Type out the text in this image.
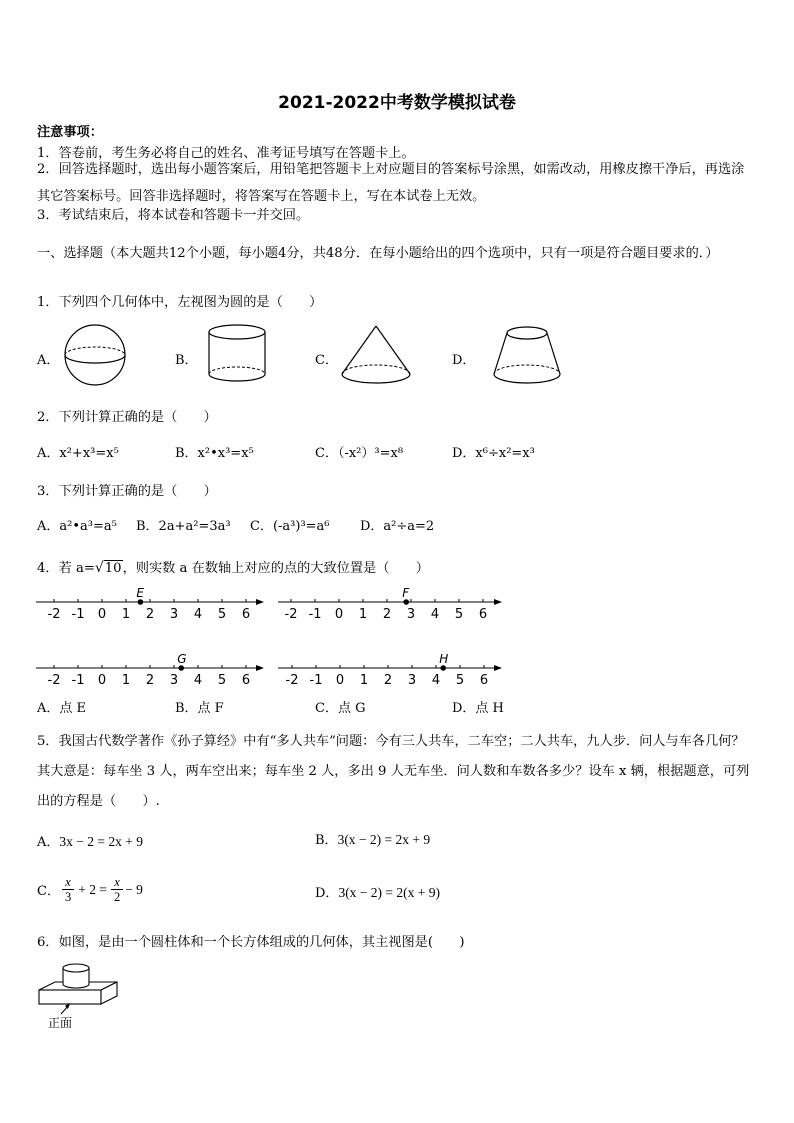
2021-2022中考数学模拟试卷
注意事项：
1．答卷前，考生务必将自己的姓名、准考证号填写在答题卡上。
2．回答选择题时，选出每小题答案后，用铅笔把答题卡上对应题目的答案标号涂黑，如需改动，用橡皮擦干净后，再选涂其它答案标号。回答非选择题时，将答案写在答题卡上，写在本试卷上无效。
3．考试结束后，将本试卷和答题卡一并交回。
一、选择题（本大题共12个小题，每小题4分，共48分．在每小题给出的四个选项中，只有一项是符合题目要求的．）
1．下列四个几何体中，左视图为圆的是（　　）
A．	B．	C．	D．
2．下列计算正确的是（　　）
A．x²+x³=x⁵	B．x²•x³=x⁵	C．（-x²）³=x⁸	D．x⁶÷x²=x³
3．下列计算正确的是（　　）
A．a²•a³=a⁵ B．2a+a²=3a³ C．(-a³)³=a⁶ D．a²÷a=2
4．若 a=√10，则实数 a 在数轴上对应的点的大致位置是（　　）
-2 -1 0 1 2 3 4 5 6
E
-2 -1 0 1 2 3 4 5 6
F
-2 -1 0 1 2 3 4 5 6
G
-2 -1 0 1 2 3 4 5 6
H
A．点 E	B．点 F	C．点 G	D．点 H
5．我国古代数学著作《孙子算经》中有“多人共车”问题：今有三人共车，二车空；二人共车，九人步．问人与车各几何？其大意是：每车坐 3 人，两车空出来；每车坐 2 人，多出 9 人无车坐．问人数和车数各多少？设车 x 辆，根据题意，可列出的方程是（　　）.
A．3x − 2 = 2x + 9	B．3(x − 2) = 2x + 9
C． $\frac{x}{3} + 2 = \frac{x}{2} - 9$	D．3(x − 2) = 2(x + 9)
6．如图，是由一个圆柱体和一个长方体组成的几何体，其主视图是(　　)
正面
